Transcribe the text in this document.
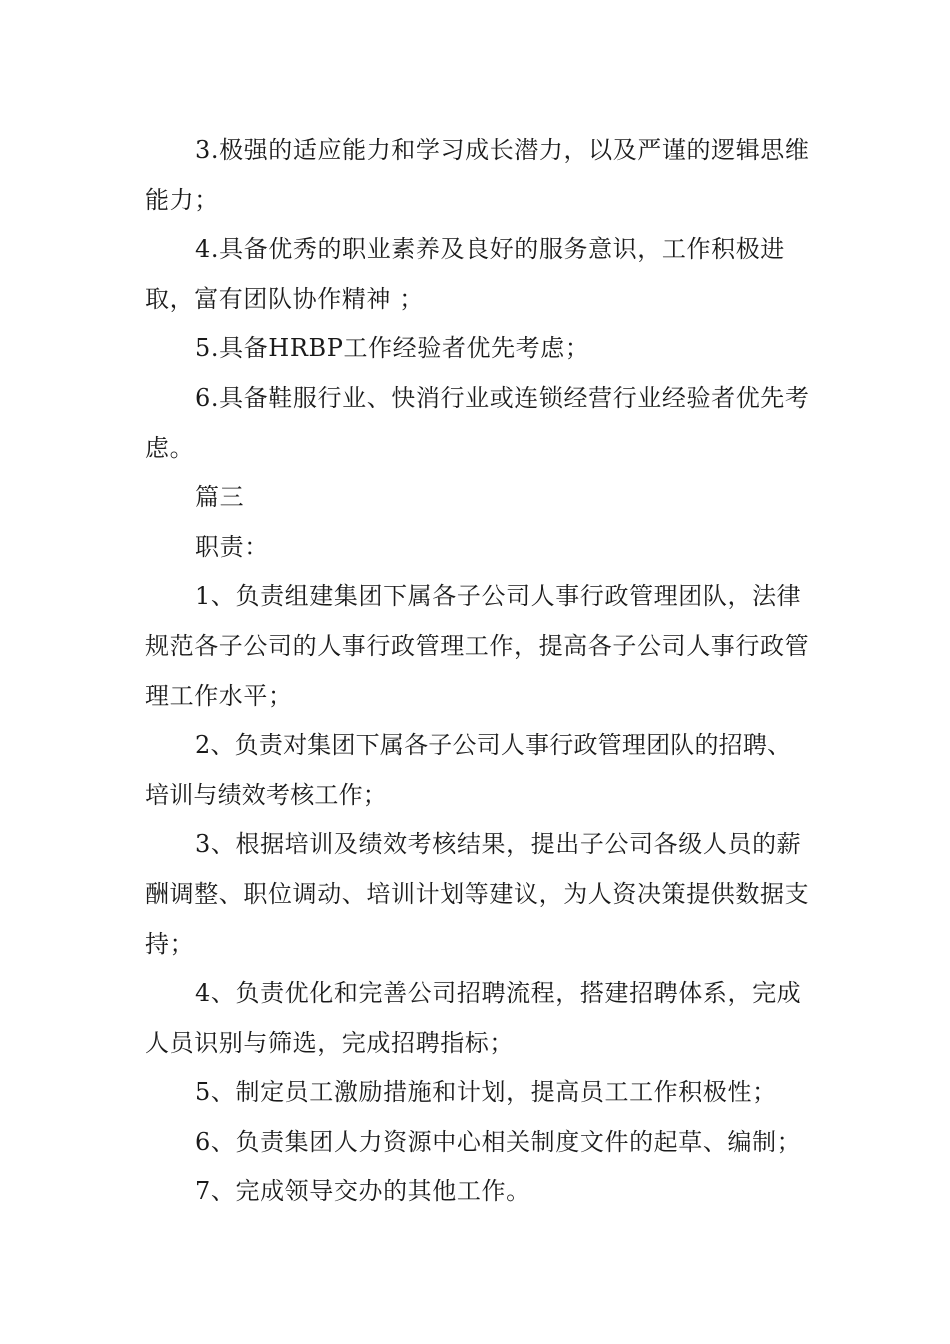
3.极强的适应能力和学习成长潜力，以及严谨的逻辑思维能力；

4.具备优秀的职业素养及良好的服务意识，工作积极进取，富有团队协作精神 ；

5.具备HRBP工作经验者优先考虑；

6.具备鞋服行业、快消行业或连锁经营行业经验者优先考虑。

篇三

职责：

1、负责组建集团下属各子公司人事行政管理团队，法律规范各子公司的人事行政管理工作，提高各子公司人事行政管理工作水平；

2、负责对集团下属各子公司人事行政管理团队的招聘、培训与绩效考核工作；

3、根据培训及绩效考核结果，提出子公司各级人员的薪酬调整、职位调动、培训计划等建议，为人资决策提供数据支持；

4、负责优化和完善公司招聘流程，搭建招聘体系，完成人员识别与筛选，完成招聘指标；

5、制定员工激励措施和计划，提高员工工作积极性；

6、负责集团人力资源中心相关制度文件的起草、编制；

7、完成领导交办的其他工作。
